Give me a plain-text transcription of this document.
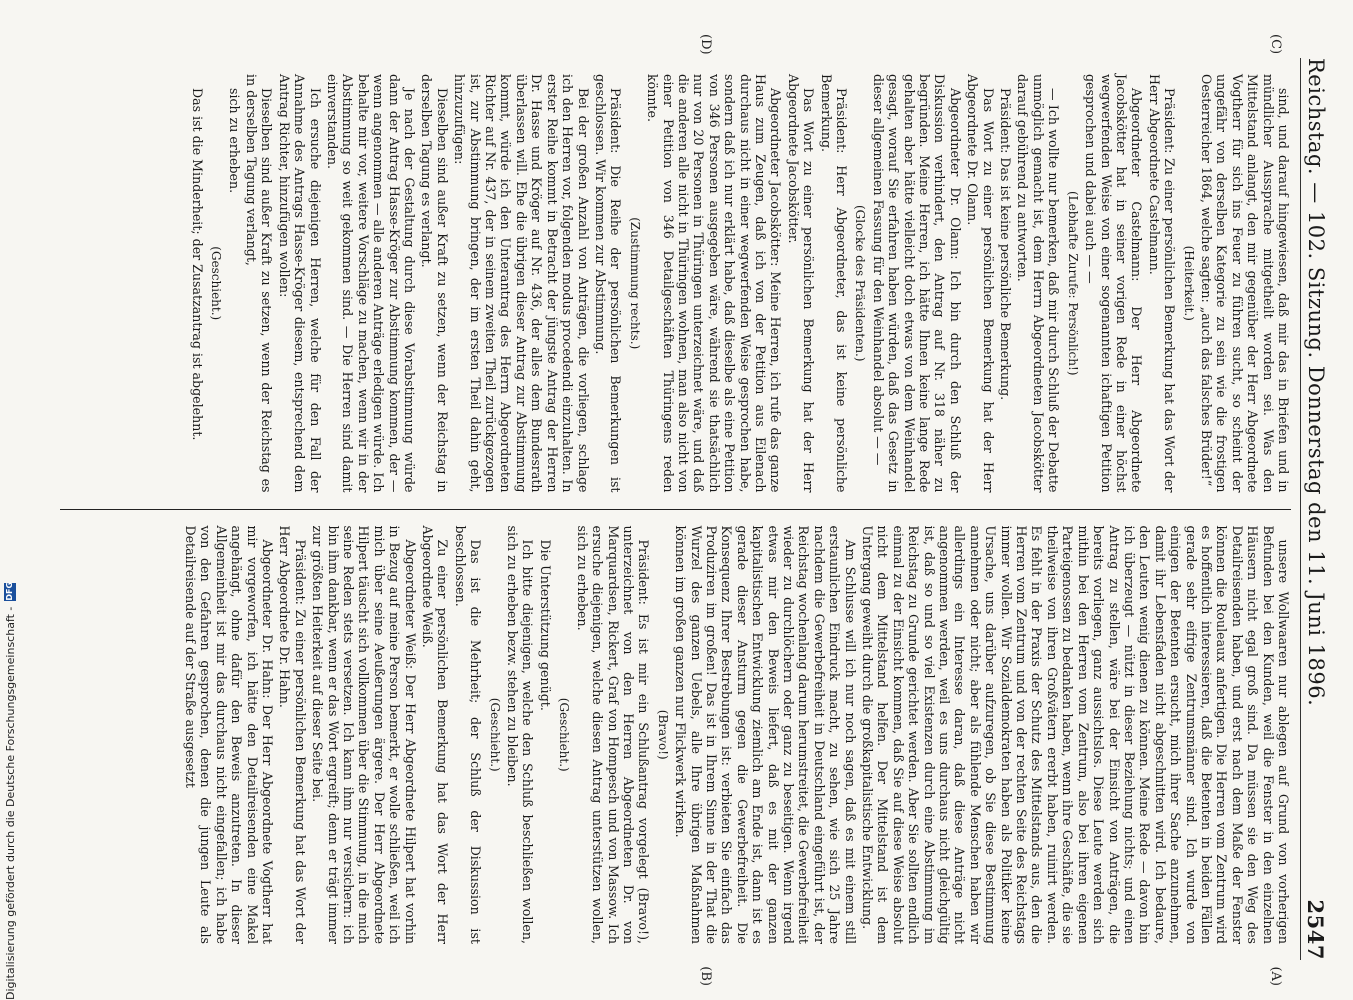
Reichstag. — 102. Sitzung. Donnerstag den 11. Juni 1896.
2547
(C)
(D)
(A)
(B)

sind, und darauf hingewiesen, daß mir das in Briefen und in mündlicher Aussprache mitgetheilt worden sei. Was den Mittelstand anlangt, den mir gegenüber der Herr Abgeordnete Vogtherr für sich ins Feuer zu führen sucht, so scheint der ungefähr von derselben Kategorie zu sein wie die frostigen Oesterreicher 1864, welche sagten: „auch das falsches Brüder!“

(Heiterkeit.)

Präsident: Zu einer persönlichen Bemerkung hat das Wort der Herr Abgeordnete Castelmann.

Abgeordneter Castelmann: Der Herr Abgeordnete Jacobskötter hat in seiner vorigen Rede in einer höchst wegwerfenden Weise von einer sogenannten ichaftigen Petition gesprochen und dabei auch — —

(Lebhafte Zurufe: Persönlich!)

— Ich wollte nur bemerken, daß mir durch Schluß der Debatte unmöglich gemacht ist, dem Herrn Abgeordneten Jacobskötter darauf gebührend zu antworten.

Präsident: Das ist keine persönliche Bemerkung.

Das Wort zu einer persönlichen Bemerkung hat der Herr Abgeordnete Dr. Olann.

Abgeordneter Dr. Olann: Ich bin durch den Schluß der Diskussion verhindert, den Antrag auf Nr. 318 näher zu begründen. Meine Herren, ich hätte Ihnen keine lange Rede gehalten aber hätte vielleicht doch etwas von dem Weinhandel gesagt, worauf Sie erfahren haben würden, daß das Gesetz in dieser allgemeinen Fassung für den Weinhandel absolut — —

(Glocke des Präsidenten.)

Präsident: Herr Abgeordneter, das ist keine persönliche Bemerkung.

Das Wort zu einer persönlichen Bemerkung hat der Herr Abgeordnete Jacobskötter.

Abgeordneter Jacobskötter: Meine Herren, ich rufe das ganze Haus zum Zeugen, daß ich von der Petition aus Eilenach durchaus nicht in einer wegwerfenden Weise gesprochen habe, sondern daß ich nur erklärt habe, daß dieselbe als eine Petition von 346 Personen ausgegeben wäre, während sie thatsächlich nur von 20 Personen in Thüringen unterzeichnet wäre, und daß die anderen alle nicht in Thüringen wohnen, man also nicht von einer Petition von 346 Detailgeschäften Thüringens reden könnte.

(Zustimmung rechts.)

Präsident: Die Reihe der persönlichen Bemerkungen ist geschlossen. Wir kommen zur Abstimmung.

Bei der großen Anzahl von Anträgen, die vorliegen, schlage ich den Herren vor, folgenden modus procedendi einzuhalten. In erster Reihe kommt in Betracht der jüngste Antrag der Herren Dr. Hasse und Kröger auf Nr. 436, der alles dem Bundesrath überlassen will. Ehe die übrigen dieser Antrag zur Abstimmung kommt, würde ich den Unterantrag des Herrn Abgeordneten Richter auf Nr. 437, der in seinem zweiten Theil zurückgezogen ist, zur Abstimmung bringen, der im ersten Theil dahin geht, hinzuzufügen:

Dieselben sind außer Kraft zu setzen, wenn der Reichstag in derselben Tagung es verlangt.

Je nach der Gestaltung durch diese Vorabstimmung würde dann der Antrag Hasse-Kröger zur Abstimmung kommen, der — wenn angenommen — alle anderen Anträge erledigen würde. Ich behalte mir vor, weitere Vorschläge zu machen, wenn wir in der Abstimmung so weit gekommen sind. — Die Herren sind damit einverstanden.

Ich ersuche diejenigen Herren, welche für den Fall der Annahme des Antrags Hasse-Kröger diesem, entsprechend dem Antrag Richter, hinzufügen wollen:

Dieselben sind außer Kraft zu setzen, wenn der Reichstag es in derselben Tagung verlangt,

sich zu erheben.

(Geschieht.)

Das ist die Minderheit; der Zusatzantrag ist abgelehnt.

unsere Wollwaaren nur ablegen auf Grund von vorherigen Befunden bei den Kunden, weil die Fenster in den einzelnen Häusern nicht egal groß sind. Da müssen sie den Weg des Detailreisenden haben, und erst nach dem Maße der Fenster können die Rouleaux anfertigen. Die Herren vom Zentrum wird es hoffentlich interessieren, daß die Betenten in beiden Fällen gerade sehr eifrige Zentrumsmänner sind. Ich wurde von einigen der Betenten ersucht, mich ihrer Sache anzunehmen, damit ihr Lebensfaden nicht abgeschnitten wird. Ich bedaure, den Leuten wenig dienen zu können. Meine Rede — davon bin ich überzeugt — nützt in dieser Beziehung nichts; und einen Antrag zu stellen, wäre bei der Einsicht von Anträgen, die bereits vorliegen, ganz aussichtslos. Diese Leute werden sich mithin bei den Herren vom Zentrum, also bei ihren eigenen Parteigenossen zu bedanken haben, wenn ihre Geschäfte, die sie theilweise von ihren Großvätern ererbt haben, ruinirt werden. Es fehlt in der Praxis der Schutz des Mittelstands aus, den die Herren vom Zentrum und von der rechten Seite des Reichstags immer wollen. Wir Sozialdemokraten haben als Politiker keine Ursache, uns darüber aufzuregen, ob Sie diese Bestimmung annehmen oder nicht; aber als fühlende Menschen haben wir allerdings ein Interesse daran, daß diese Anträge nicht angenommen werden, weil es uns durchaus nicht gleichgültig ist, daß so und so viel Existenzen durch eine Abstimmung im Reichstag zu Grunde gerichtet werden. Aber Sie sollten endlich einmal zu der Einsicht kommen, daß Sie auf diese Weise absolut nicht dem Mittelstand helfen. Der Mittelstand ist dem Untergang geweiht durch die großkapitalistische Entwicklung.

Am Schlusse will ich nur noch sagen, daß es mit einem still erstaunlichen Eindruck macht, zu sehen, wie sich 25 Jahre nachdem die Gewerbefreiheit in Deutschland eingeführt ist, der Reichstag wochenlang darum herumstreitet, die Gewerbefreiheit wieder zu durchlöchern oder ganz zu beseitigen. Wenn irgend etwas mir den Beweis liefert, daß es mit der ganzen kapitalistischen Entwicklung ziemlich am Ende ist, dann ist es gerade dieser Ansturm gegen die Gewerbefreiheit. Die Konsequenz Ihrer Bestrebungen ist: verbieten Sie einfach das Produziren im großen! Das ist in Ihrem Sinne in der That die Wurzel des ganzen Uebels, alle Ihre übrigen Maßnahmen können im großen ganzen nur Flickwerk wirken.

(Bravo!)

Präsident: Es ist mir ein Schlußantrag vorgelegt (Bravo!), unterzeichnet von den Herren Abgeordneten Dr. von Marquardsen, Rickert, Graf von Hompesch und von Massow. Ich ersuche diejenigen, welche diesen Antrag unterstützen wollen, sich zu erheben.

(Geschieht.)

Die Unterstützung genügt.

Ich bitte diejenigen, welche den Schluß beschließen wollen, sich zu erheben bezw. stehen zu bleiben.

(Geschieht.)

Das ist die Mehrheit; der Schluß der Diskussion ist beschlossen.

Zu einer persönlichen Bemerkung hat das Wort der Herr Abgeordnete Weiß.

Abgeordneter Weiß: Der Herr Abgeordnete Hilpert hat vorhin in Bezug auf meine Person bemerkt, er wolle schließen, weil ich mich über seine Aeußerungen ärgere. Der Herr Abgeordnete Hilpert täuscht sich vollkommen über die Stimmung, in die mich seine Reden stets versetzen. Ich kann ihm nur versichern: ich bin ihm dankbar, wenn er das Wort ergreift; denn er trägt immer zur größten Heiterkeit auf dieser Seite bei.

Präsident: Zu einer persönlichen Bemerkung hat das Wort der Herr Abgeordnete Dr. Hahn.

Abgeordneter Dr. Hahn: Der Herr Abgeordnete Vogtherr hat mir vorgeworfen, ich hätte den Detailreisenden eine Makel angehängt, ohne dafür den Beweis anzutreten. In dieser Allgemeinheit ist mir das durchaus nicht eingefallen; ich habe von den Gefahren gesprochen, denen die jungen Leute als Detailreisende auf der Straße ausgesetzt

Digitalisierung gefördert durch die Deutsche Forschungsgemeinschaft -
DFG
